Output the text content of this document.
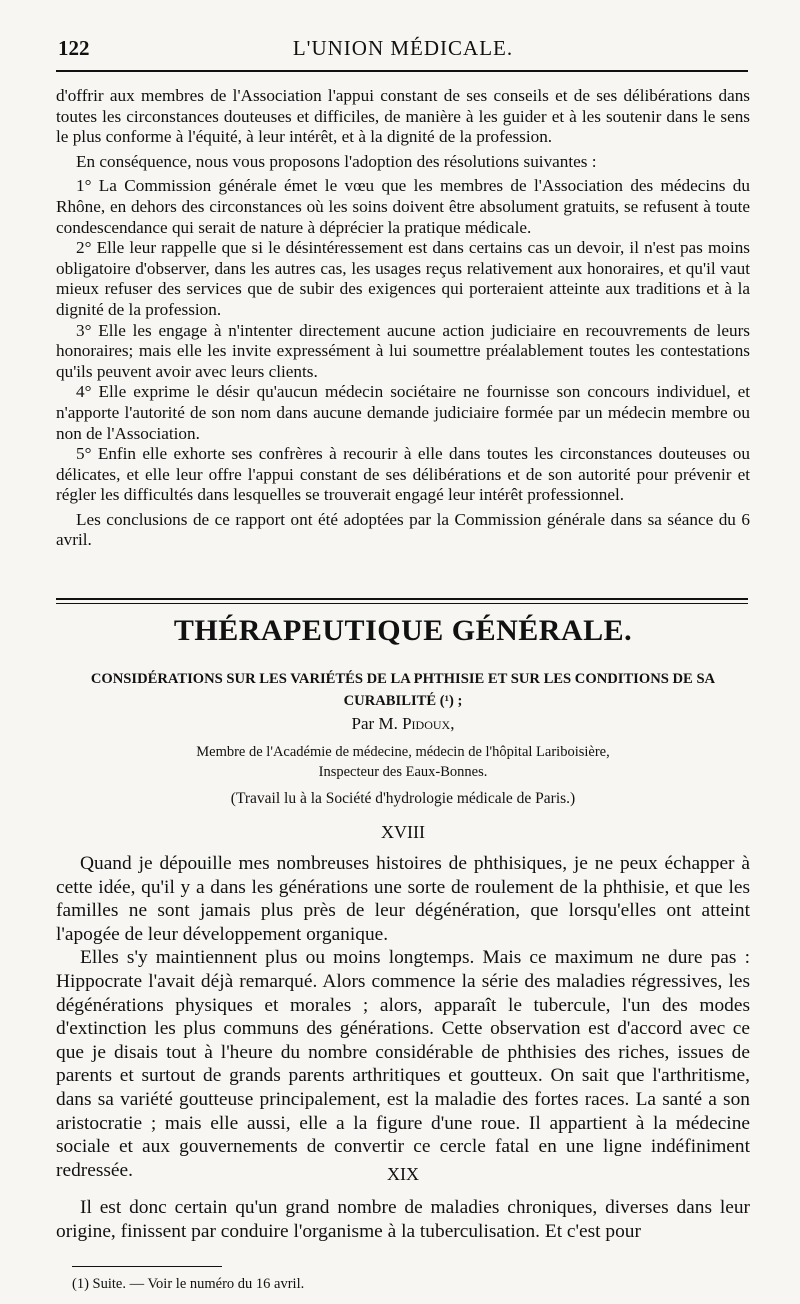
122	L'UNION MÉDICALE.

d'offrir aux membres de l'Association l'appui constant de ses conseils et de ses délibérations dans toutes les circonstances douteuses et difficiles, de manière à les guider et à les soutenir dans le sens le plus conforme à l'équité, à leur intérêt, et à la dignité de la profession.

En conséquence, nous vous proposons l'adoption des résolutions suivantes :

1° La Commission générale émet le vœu que les membres de l'Association des médecins du Rhône, en dehors des circonstances où les soins doivent être absolument gratuits, se refusent à toute condescendance qui serait de nature à déprécier la pratique médicale.

2° Elle leur rappelle que si le désintéressement est dans certains cas un devoir, il n'est pas moins obligatoire d'observer, dans les autres cas, les usages reçus relativement aux honoraires, et qu'il vaut mieux refuser des services que de subir des exigences qui porteraient atteinte aux traditions et à la dignité de la profession.

3° Elle les engage à n'intenter directement aucune action judiciaire en recouvrements de leurs honoraires; mais elle les invite expressément à lui soumettre préalablement toutes les contestations qu'ils peuvent avoir avec leurs clients.

4° Elle exprime le désir qu'aucun médecin sociétaire ne fournisse son concours individuel, et n'apporte l'autorité de son nom dans aucune demande judiciaire formée par un médecin membre ou non de l'Association.

5° Enfin elle exhorte ses confrères à recourir à elle dans toutes les circonstances douteuses ou délicates, et elle leur offre l'appui constant de ses délibérations et de son autorité pour prévenir et régler les difficultés dans lesquelles se trouverait engagé leur intérêt professionnel.

Les conclusions de ce rapport ont été adoptées par la Commission générale dans sa séance du 6 avril.

THÉRAPEUTIQUE GÉNÉRALE.
CONSIDÉRATIONS SUR LES VARIÉTÉS DE LA PHTHISIE ET SUR LES CONDITIONS DE SA CURABILITÉ (¹) ;
Par M. Pidoux,
Membre de l'Académie de médecine, médecin de l'hôpital Lariboisière,
Inspecteur des Eaux-Bonnes.
(Travail lu à la Société d'hydrologie médicale de Paris.)
XVIII

Quand je dépouille mes nombreuses histoires de phthisiques, je ne peux échapper à cette idée, qu'il y a dans les générations une sorte de roulement de la phthisie, et que les familles ne sont jamais plus près de leur dégénération, que lorsqu'elles ont atteint l'apogée de leur développement organique.

Elles s'y maintiennent plus ou moins longtemps. Mais ce maximum ne dure pas : Hippocrate l'avait déjà remarqué. Alors commence la série des maladies régressives, les dégénérations physiques et morales ; alors, apparaît le tubercule, l'un des modes d'extinction les plus communs des générations. Cette observation est d'accord avec ce que je disais tout à l'heure du nombre considérable de phthisies des riches, issues de parents et surtout de grands parents arthritiques et goutteux. On sait que l'arthritisme, dans sa variété goutteuse principalement, est la maladie des fortes races. La santé a son aristocratie ; mais elle aussi, elle a la figure d'une roue. Il appartient à la médecine sociale et aux gouvernements de convertir ce cercle fatal en une ligne indéfiniment redressée.	XIX

Il est donc certain qu'un grand nombre de maladies chroniques, diverses dans leur origine, finissent par conduire l'organisme à la tuberculisation. Et c'est pour

(1) Suite. — Voir le numéro du 16 avril.
